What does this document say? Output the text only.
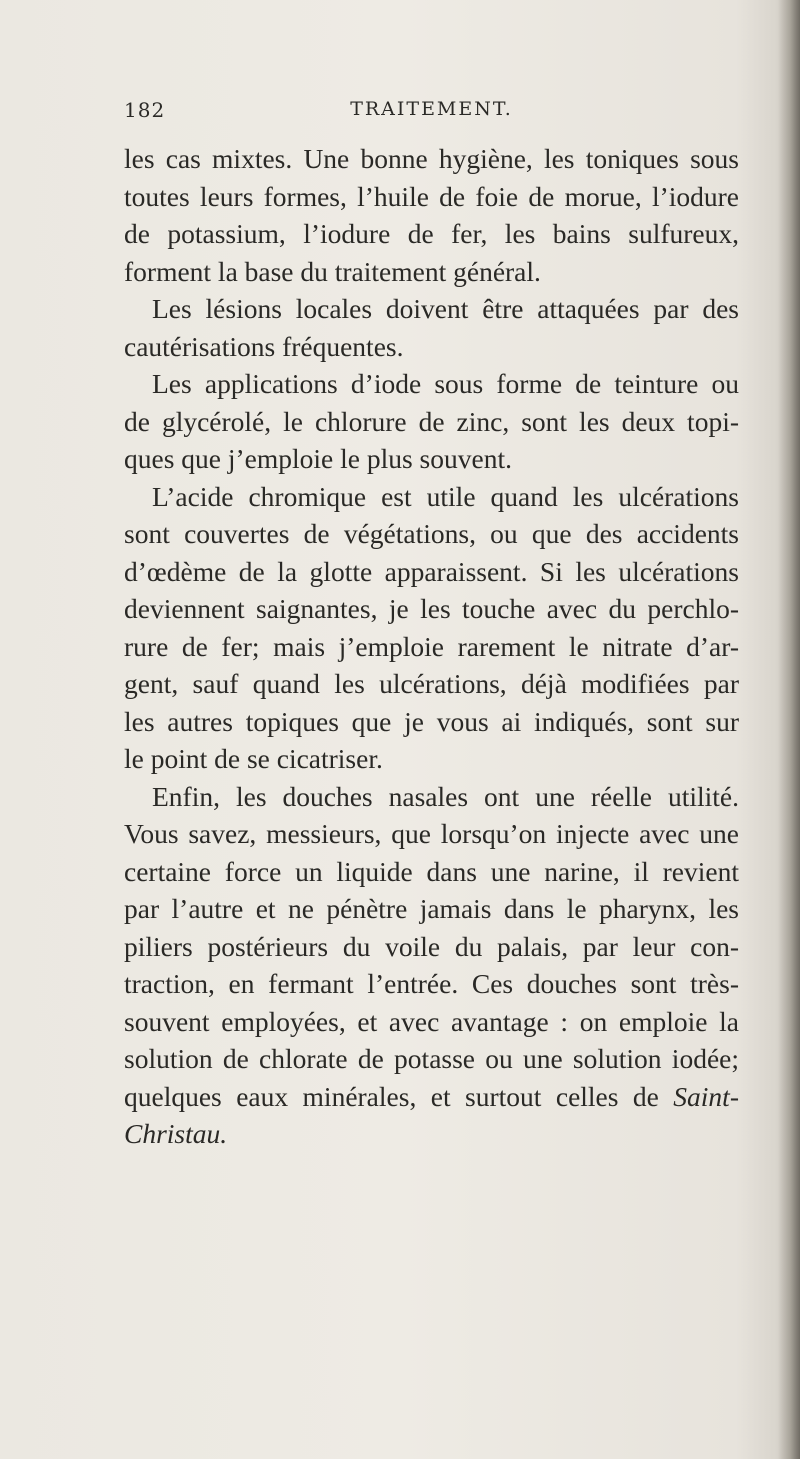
182	TRAITEMENT.

les cas mixtes. Une bonne hygiène, les toniques sous
toutes leurs formes, l’huile de foie de morue, l’iodure
de potassium, l’iodure de fer, les bains sulfureux,
forment la base du traitement général.

Les lésions locales doivent être attaquées par des
cautérisations fréquentes.

Les applications d’iode sous forme de teinture ou
de glycérolé, le chlorure de zinc, sont les deux topi-
ques que j’emploie le plus souvent.

L’acide chromique est utile quand les ulcérations
sont couvertes de végétations, ou que des accidents
d’œdème de la glotte apparaissent. Si les ulcérations
deviennent saignantes, je les touche avec du perchlo-
rure de fer; mais j’emploie rarement le nitrate d’ar-
gent, sauf quand les ulcérations, déjà modifiées par
les autres topiques que je vous ai indiqués, sont sur
le point de se cicatriser.

Enfin, les douches nasales ont une réelle utilité.
Vous savez, messieurs, que lorsqu’on injecte avec une
certaine force un liquide dans une narine, il revient
par l’autre et ne pénètre jamais dans le pharynx, les
piliers postérieurs du voile du palais, par leur con-
traction, en fermant l’entrée. Ces douches sont très-
souvent employées, et avec avantage : on emploie la
solution de chlorate de potasse ou une solution iodée;
quelques eaux minérales, et surtout celles de Saint-
Christau.
